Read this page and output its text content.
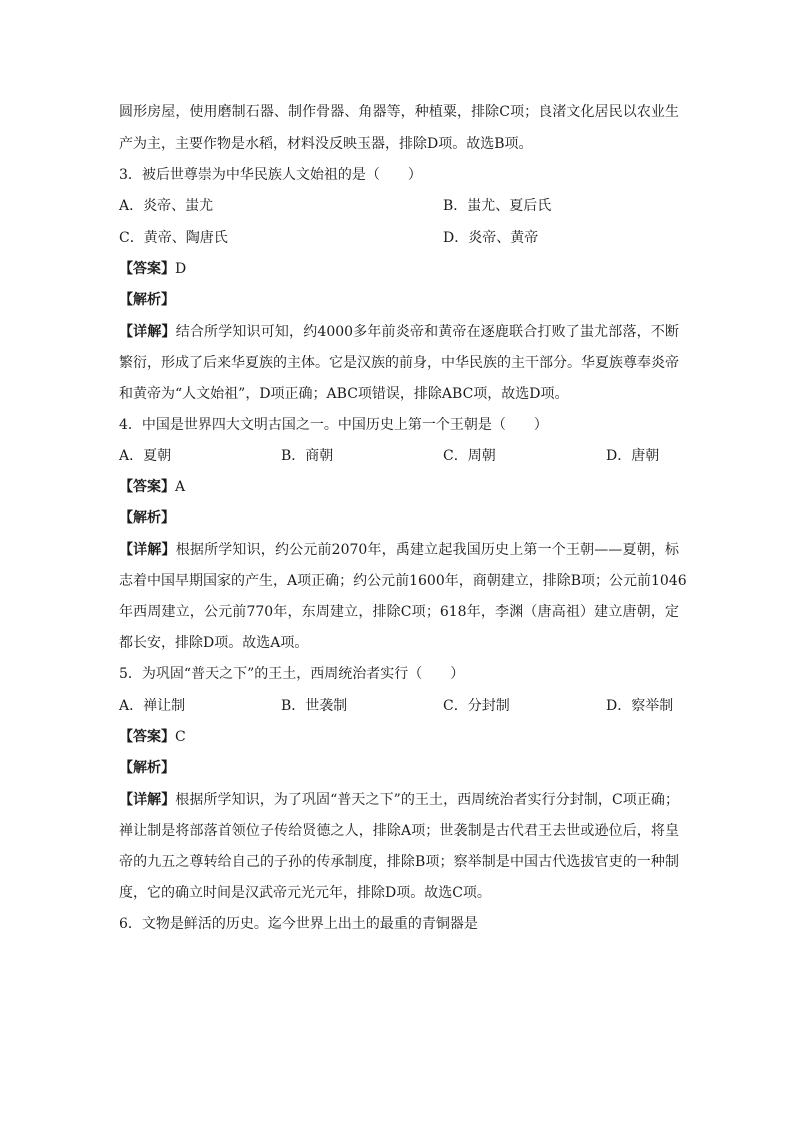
圆形房屋，使用磨制石器、制作骨器、角器等，种植粟，排除C项；良渚文化居民以农业生
产为主，主要作物是水稻，材料没反映玉器，排除D项。故选B项。
3．被后世尊崇为中华民族人文始祖的是（　　）
A．炎帝、蚩尤	B．蚩尤、夏后氏
C．黄帝、陶唐氏	D．炎帝、黄帝
【答案】D
【解析】
【详解】结合所学知识可知，约4000多年前炎帝和黄帝在逐鹿联合打败了蚩尤部落，不断
繁衍，形成了后来华夏族的主体。它是汉族的前身，中华民族的主干部分。华夏族尊奉炎帝
和黄帝为“人文始祖”，D项正确；ABC项错误，排除ABC项，故选D项。
4．中国是世界四大文明古国之一。中国历史上第一个王朝是（　　）
A．夏朝	B．商朝	C．周朝	D．唐朝
【答案】A
【解析】
【详解】根据所学知识，约公元前2070年，禹建立起我国历史上第一个王朝——夏朝，标
志着中国早期国家的产生，A项正确；约公元前1600年，商朝建立，排除B项；公元前1046
年西周建立，公元前770年，东周建立，排除C项；618年，李渊（唐高祖）建立唐朝，定
都长安，排除D项。故选A项。
5．为巩固“普天之下”的王土，西周统治者实行（　　）
A．禅让制	B．世袭制	C．分封制	D．察举制
【答案】C
【解析】
【详解】根据所学知识，为了巩固“普天之下”的王土，西周统治者实行分封制，C项正确；
禅让制是将部落首领位子传给贤德之人，排除A项；世袭制是古代君王去世或逊位后，将皇
帝的九五之尊转给自己的子孙的传承制度，排除B项；察举制是中国古代选拔官吏的一种制
度，它的确立时间是汉武帝元光元年，排除D项。故选C项。
6．文物是鲜活的历史。迄今世界上出土的最重的青铜器是
